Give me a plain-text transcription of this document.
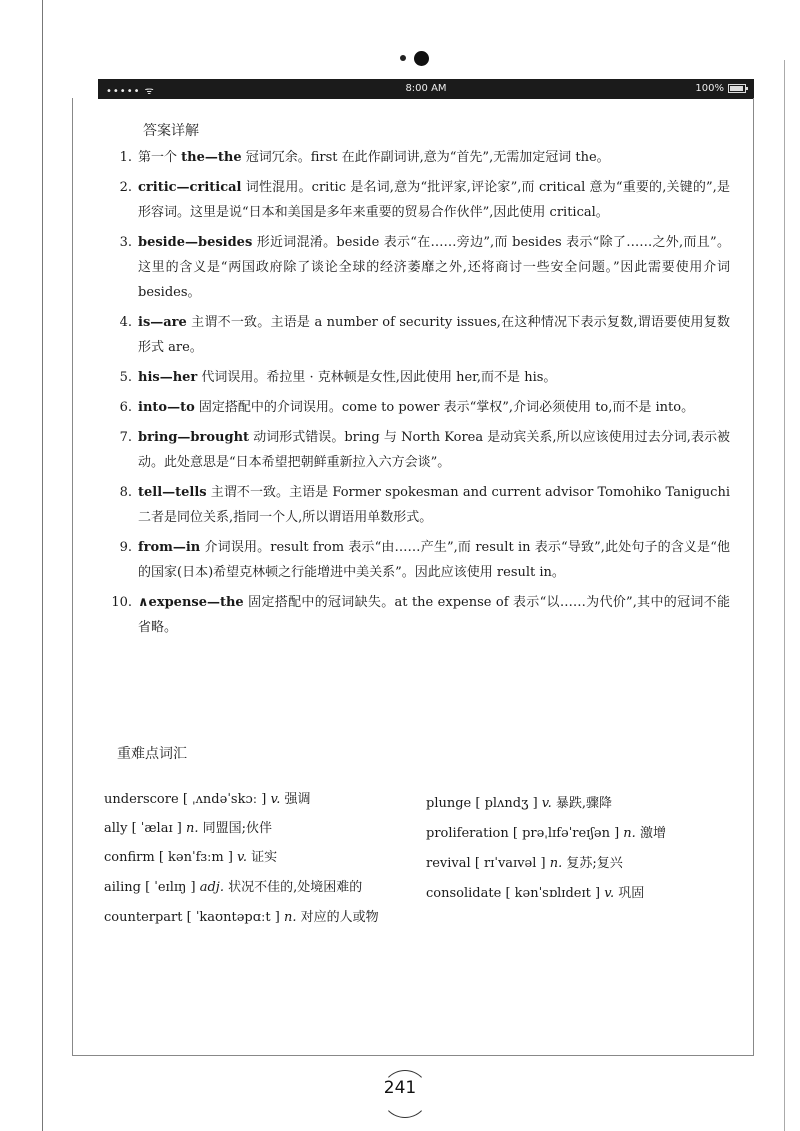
••••• ᯤ	8:00 AM	100%
答案详解
1. 第一个 the—the 冠词冗余。first 在此作副词讲,意为“首先”,无需加定冠词 the。
2. critic—critical 词性混用。critic 是名词,意为“批评家,评论家”,而 critical 意为“重要的,关键的”,是形容词。这里是说“日本和美国是多年来重要的贸易合作伙伴”,因此使用 critical。
3. beside—besides 形近词混淆。beside 表示“在……旁边”,而 besides 表示“除了……之外,而且”。这里的含义是“两国政府除了谈论全球的经济萎靡之外,还将商讨一些安全问题。”因此需要使用介词 besides。
4. is—are 主谓不一致。主语是 a number of security issues,在这种情况下表示复数,谓语要使用复数形式 are。
5. his—her 代词误用。希拉里 · 克林顿是女性,因此使用 her,而不是 his。
6. into—to 固定搭配中的介词误用。come to power 表示“掌权”,介词必须使用 to,而不是 into。
7. bring—brought 动词形式错误。bring 与 North Korea 是动宾关系,所以应该使用过去分词,表示被动。此处意思是“日本希望把朝鲜重新拉入六方会谈”。
8. tell—tells 主谓不一致。主语是 Former spokesman and current advisor Tomohiko Taniguchi 二者是同位关系,指同一个人,所以谓语用单数形式。
9. from—in 介词误用。result from 表示“由……产生”,而 result in 表示“导致”,此处句子的含义是“他的国家(日本)希望克林顿之行能增进中美关系”。因此应该使用 result in。
10. ∧expense—the 固定搭配中的冠词缺失。at the expense of 表示“以……为代价”,其中的冠词不能省略。
重难点词汇
underscore [ ˌʌndəˈskɔː ] v. 强调
ally [ ˈælaɪ ] n. 同盟国;伙伴
confirm [ kənˈfɜːm ] v. 证实
ailing [ ˈeɪlɪŋ ] adj. 状况不佳的,处境困难的
counterpart [ ˈkaʊntəpɑːt ] n. 对应的人或物
plunge [ plʌndʒ ] v. 暴跌,骤降
proliferation [ prəˌlɪfəˈreɪʃən ] n. 激增
revival [ rɪˈvaɪvəl ] n. 复苏;复兴
consolidate [ kənˈsɒlɪdeɪt ] v. 巩固
241
